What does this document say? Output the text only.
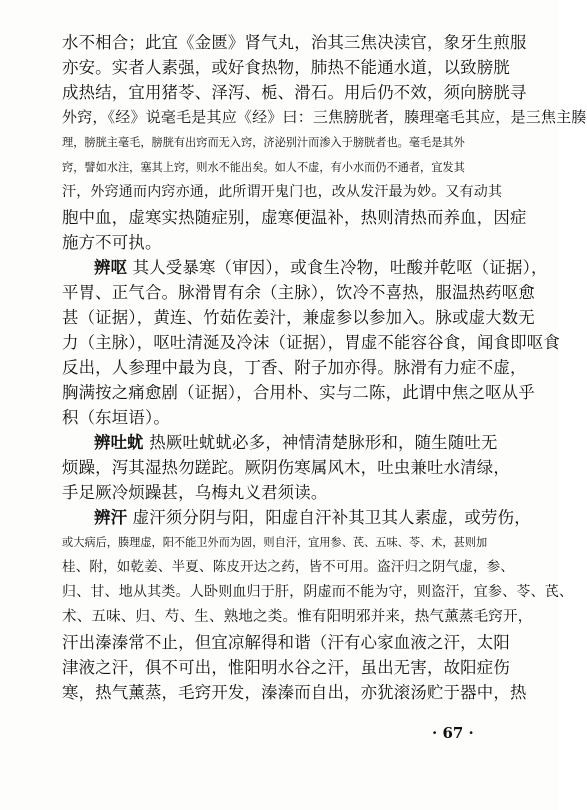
水不相合；此宜《金匮》肾气丸，治其三焦决渎官，象牙生煎服
亦安。实者人素强，或好食热物，肺热不能通水道，以致膀胱
成热结，宜用猪苓、泽泻、栀、滑石。用后仍不效，须向膀胱寻
外窍，《经》说毫毛是其应《经》曰：三焦膀胱者，腠理毫毛其应，是三焦主腠
理，膀胱主毫毛，膀胱有出窍而无入窍，济泌别汁而渗入于膀胱者也。毫毛是其外
窍，譬如水注，塞其上窍，则水不能出矣。如人不虚，有小水而仍不通者，宜发其
汗，外窍通而内窍亦通，此所谓开鬼门也，改从发汗最为妙。又有动其
胞中血，虚寒实热随症别，虚寒便温补，热则清热而养血，因症
施方不可执。
辨呕 其人受暴寒（审因），或食生冷物，吐酸并乾呕（证据），
平胃、正气合。脉滑胃有余（主脉），饮冷不喜热，服温热药呕愈
甚（证据），黄连、竹茹佐姜汁，兼虚参以参加入。脉或虚大数无
力（主脉），呕吐清涎及冷沫（证据），胃虚不能容谷食，闻食即呕食
反出，人参理中最为良，丁香、附子加亦得。脉滑有力症不虚，
胸满按之痛愈剧（证据），合用朴、实与二陈，此谓中焦之呕从乎
积（东垣语）。
辨吐蚘 热厥吐蚘蚘必多，神情清楚脉形和，随生随吐无
烦躁，泻其湿热勿蹉跎。厥阴伤寒属风木，吐虫兼吐水清绿，
手足厥冷烦躁甚，乌梅丸义君须读。
辨汗 虚汗须分阴与阳，阳虚自汗补其卫其人素虚，或劳伤，
或大病后，腠理虚，阳不能卫外而为固，则自汗，宜用参、芪、五味、苓、术，甚则加
桂、附，如乾姜、半夏、陈皮开达之药，皆不可用。盗汗归之阴气虚，参、
归、甘、地从其类。人卧则血归于肝，阴虚而不能为守，则盗汗，宜参、苓、芪、
术、五味、归、芍、生、熟地之类。惟有阳明邪并来，热气薰蒸毛窍开，
汗出溱溱常不止，但宜凉解得和谐（汗有心家血液之汗，太阳
津液之汗，俱不可出，惟阳明水谷之汗，虽出无害，故阳症伤
寒，热气薰蒸，毛窍开发，溱溱而自出，亦犹滚汤贮于器中，热
· 67 ·
